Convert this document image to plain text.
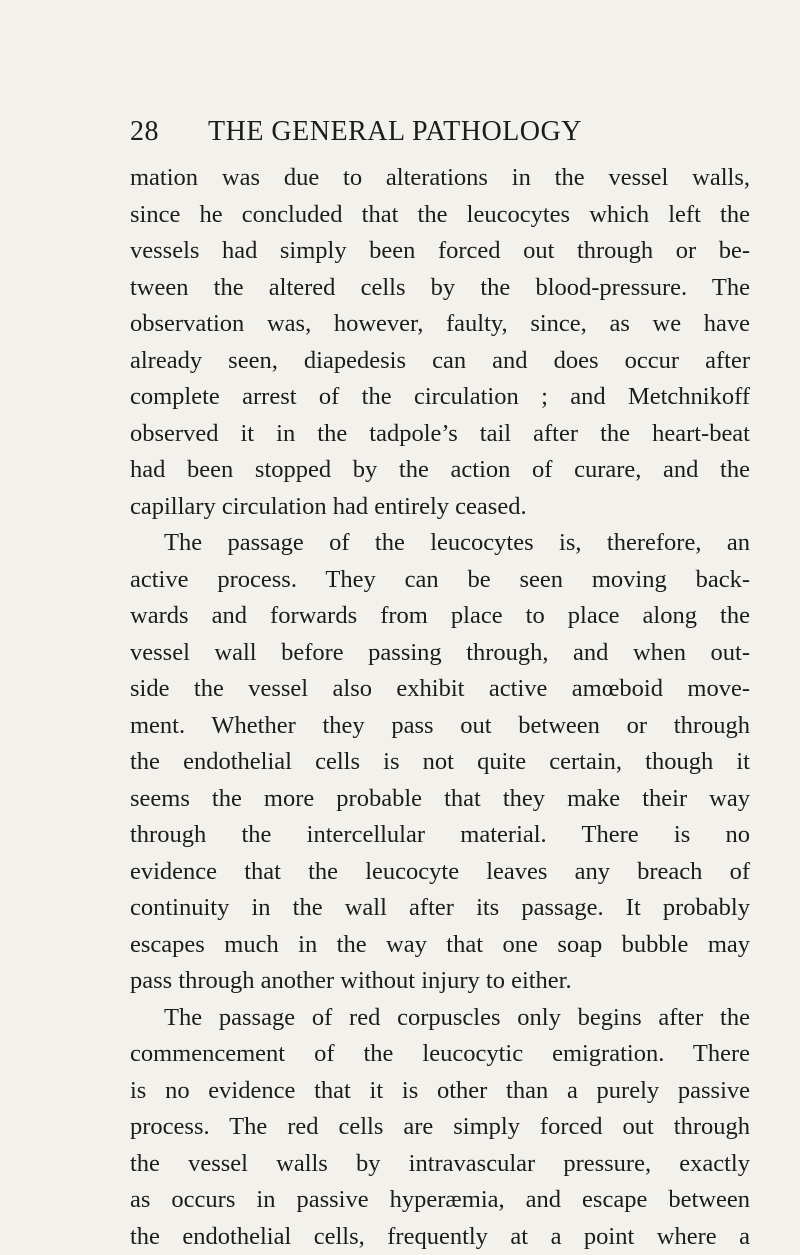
28 THE GENERAL PATHOLOGY
mation was due to alterations in the vessel walls,
since he concluded that the leucocytes which left the
vessels had simply been forced out through or be-
tween the altered cells by the blood-pressure. The
observation was, however, faulty, since, as we have
already seen, diapedesis can and does occur after
complete arrest of the circulation ; and Metchnikoff
observed it in the tadpole’s tail after the heart-beat
had been stopped by the action of curare, and the
capillary circulation had entirely ceased.
The passage of the leucocytes is, therefore, an
active process. They can be seen moving back-
wards and forwards from place to place along the
vessel wall before passing through, and when out-
side the vessel also exhibit active amœboid move-
ment. Whether they pass out between or through
the endothelial cells is not quite certain, though it
seems the more probable that they make their way
through the intercellular material. There is no
evidence that the leucocyte leaves any breach of
continuity in the wall after its passage. It probably
escapes much in the way that one soap bubble may
pass through another without injury to either.
The passage of red corpuscles only begins after the
commencement of the leucocytic emigration. There
is no evidence that it is other than a purely passive
process. The red cells are simply forced out through
the vessel walls by intravascular pressure, exactly
as occurs in passive hyperæmia, and escape between
the endothelial cells, frequently at a point where a
